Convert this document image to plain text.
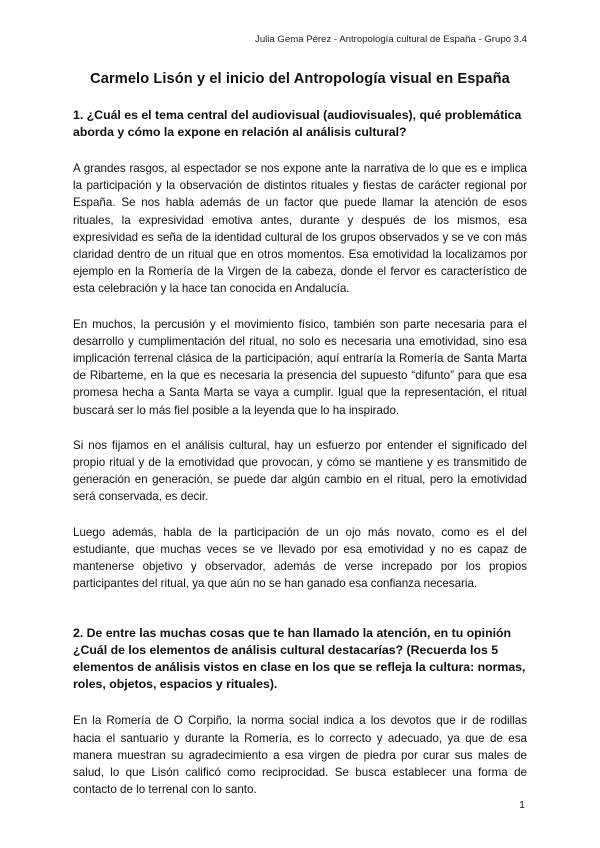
Julia Gema Pérez - Antropología cultural de España - Grupo 3.4
Carmelo Lisón y el inicio del Antropología visual en España

1. ¿Cuál es el tema central del audiovisual (audiovisuales), qué problemática aborda y cómo la expone en relación al análisis cultural?

A grandes rasgos, al espectador se nos expone ante la narrativa de lo que es e implica la participación y la observación de distintos rituales y fiestas de carácter regional por España. Se nos habla además de un factor que puede llamar la atención de esos rituales, la expresividad emotiva antes, durante y después de los mismos, esa expresividad es seña de la identidad cultural de los grupos observados y se ve con más claridad dentro de un ritual que en otros momentos. Esa emotividad la localizamos por ejemplo en la Romería de la Virgen de la cabeza, donde el fervor es característico de esta celebración y la hace tan conocida en Andalucía.

En muchos, la percusión y el movimiento físico, también son parte necesaria para el desarrollo y cumplimentación del ritual, no solo es necesaria una emotividad, sino esa implicación terrenal clásica de la participación, aquí entraría la Romería de Santa Marta de Ribarteme, en la que es necesaria la presencia del supuesto “difunto” para que esa promesa hecha a Santa Marta se vaya a cumplir. Igual que la representación, el ritual buscará ser lo más fiel posible a la leyenda que lo ha inspirado.

Si nos fijamos en el análisis cultural, hay un esfuerzo por entender el significado del propio ritual y de la emotividad que provocan, y cómo se mantiene y es transmitido de generación en generación, se puede dar algún cambio en el ritual, pero la emotividad será conservada, es decir.

Luego además, habla de la participación de un ojo más novato, como es el del estudiante, que muchas veces se ve llevado por esa emotividad y no es capaz de mantenerse objetivo y observador, además de verse increpado por los propios participantes del ritual, ya que aún no se han ganado esa confianza necesaria.

2. De entre las muchas cosas que te han llamado la atención, en tu opinión ¿Cuál de los elementos de análisis cultural destacarías? (Recuerda los 5 elementos de análisis vistos en clase en los que se refleja la cultura: normas, roles, objetos, espacios y rituales).

En la Romería de O Corpiño, la norma social indica a los devotos que ir de rodillas hacia el santuario y durante la Romería, es lo correcto y adecuado, ya que de esa manera muestran su agradecimiento a esa virgen de piedra por curar sus males de salud, lo que Lisón calificó como reciprocidad. Se busca establecer una forma de contacto de lo terrenal con lo santo.

1
